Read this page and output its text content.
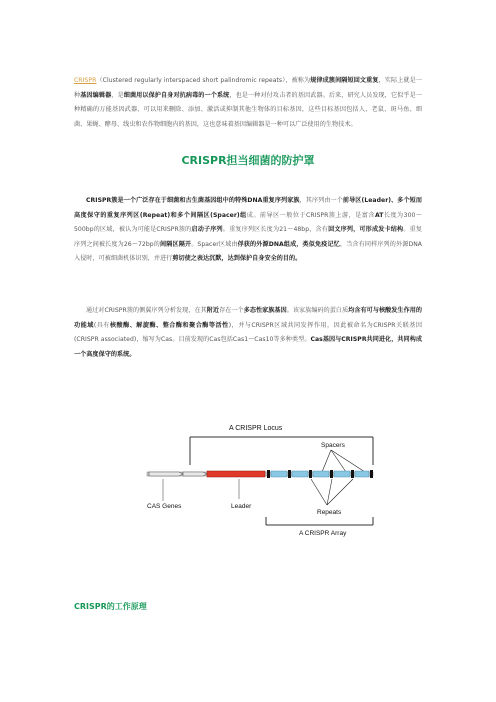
CRISPR（Clustered regularly interspaced short palindromic repeats），被称为规律成簇间隔短回文重复，实际上就是一种基因编辑器，是细菌用以保护自身对抗病毒的一个系统，也是一种对付攻击者的基因武器。后来，研究人员发现，它似乎是一种精确的万能基因武器，可以用来删除、添加、激活或抑制其他生物体的目标基因，这些目标基因包括人、老鼠、斑马鱼、细菌、果蝇、酵母、线虫和农作物细胞内的基因，这也意味着基因编辑器是一种可以广泛使用的生物技术。

CRISPR担当细菌的防护罩

CRISPR簇是一个广泛存在于细菌和古生菌基因组中的特殊DNA重复序列家族，其序列由一个前导区(Leader)、多个短而高度保守的重复序列区(Repeat)和多个间隔区(Spacer)组成。前导区一般位于CRISPR簇上游，是富含AT长度为300～500bp的区域，被认为可能是CRISPR簇的启动子序列。重复序列区长度为21～48bp，含有回文序列，可形成发卡结构。重复序列之间被长度为26～72bp的间隔区隔开。Spacer区域由俘获的外源DNA组成，类似免疫记忆，当含有同样序列的外源DNA入侵时，可被细菌机体识别，并进行剪切使之表达沉默，达到保护自身安全的目的。

通过对CRISPR簇的侧翼序列分析发现，在其附近存在一个多态性家族基因。该家族编码的蛋白质均含有可与核酸发生作用的功能域(具有核酸酶、解旋酶、整合酶和聚合酶等活性)，并与CRISPR区域共同发挥作用，因此被命名为CRISPR关联基因(CRISPR associated)，缩写为Cas。目前发现的Cas包括Cas1～Cas10等多种类型。Cas基因与CRISPR共同进化，共同构成一个高度保守的系统。

A CRISPR Locus
Spacers
CAS Genes	Leader
Repeats
A CRISPR Array
CRISPR的工作原理
